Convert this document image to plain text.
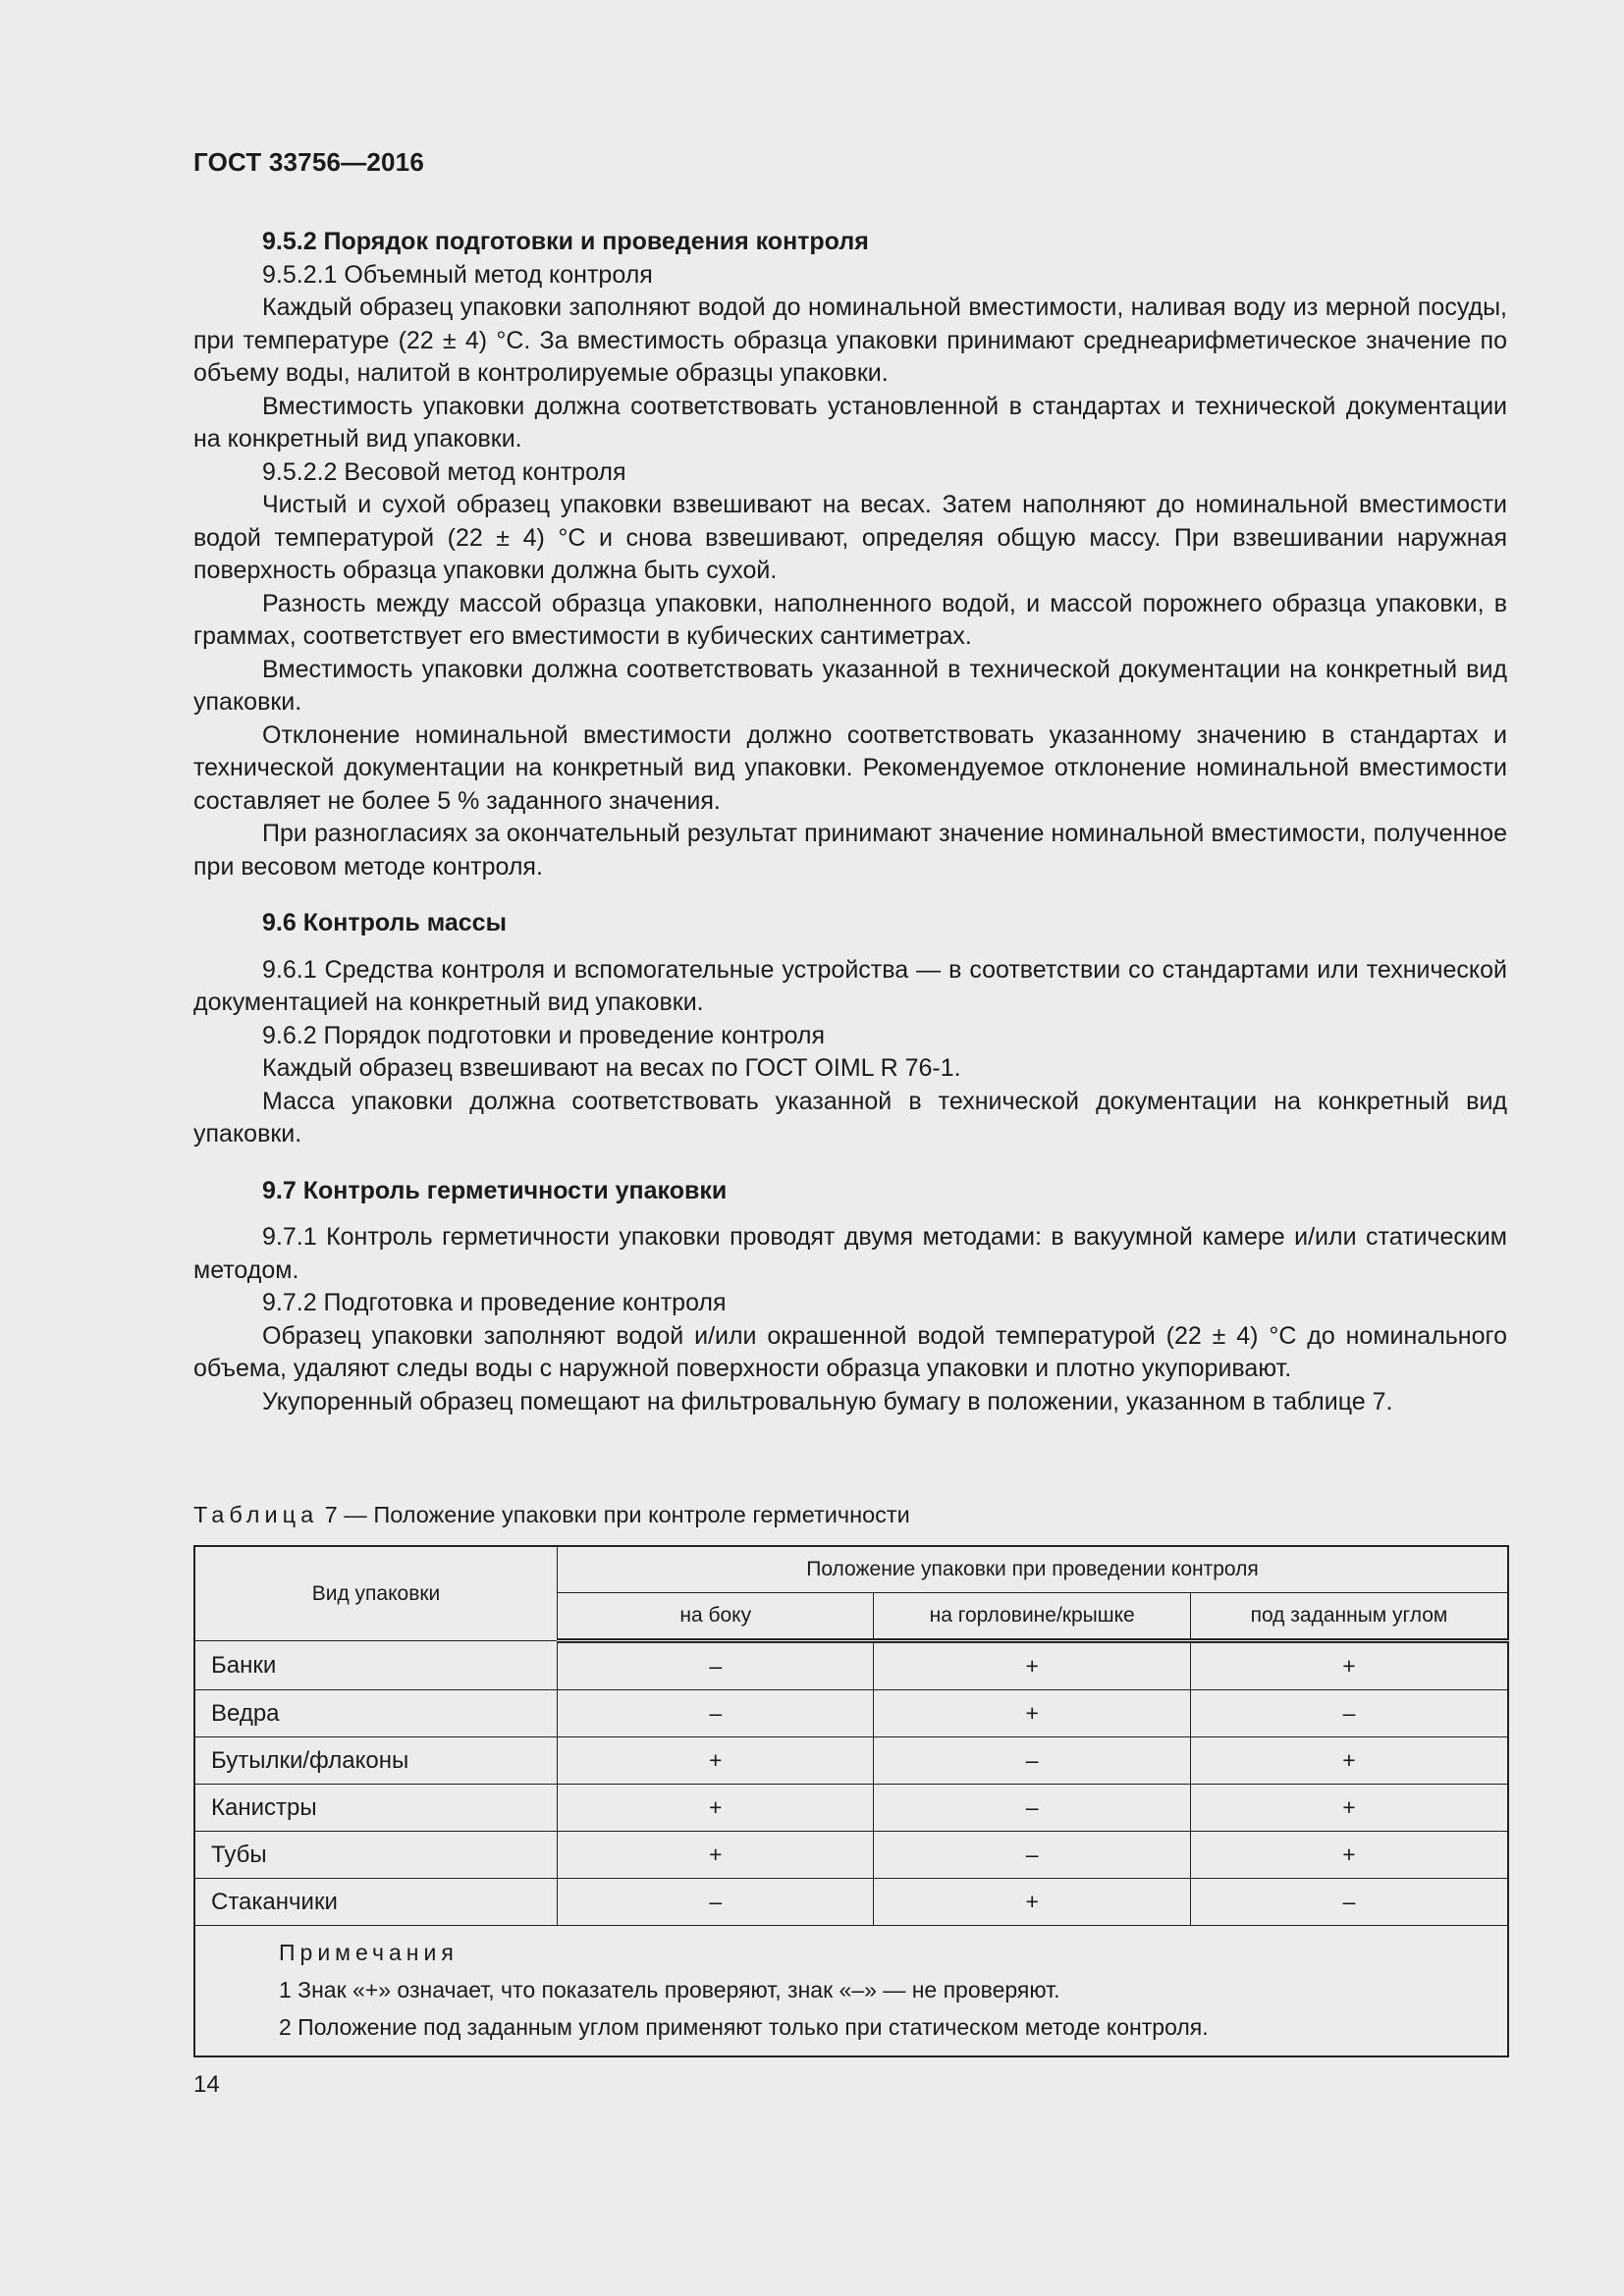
ГОСТ 33756—2016

9.5.2 Порядок подготовки и проведения контроля

9.5.2.1 Объемный метод контроля

Каждый образец упаковки заполняют водой до номинальной вместимости, наливая воду из мерной посуды, при температуре (22 ± 4) °С. За вместимость образца упаковки принимают среднеарифметическое значение по объему воды, налитой в контролируемые образцы упаковки.

Вместимость упаковки должна соответствовать установленной в стандартах и технической документации на конкретный вид упаковки.

9.5.2.2 Весовой метод контроля

Чистый и сухой образец упаковки взвешивают на весах. Затем наполняют до номинальной вместимости водой температурой (22 ± 4) °С и снова взвешивают, определяя общую массу. При взвешивании наружная поверхность образца упаковки должна быть сухой.

Разность между массой образца упаковки, наполненного водой, и массой порожнего образца упаковки, в граммах, соответствует его вместимости в кубических сантиметрах.

Вместимость упаковки должна соответствовать указанной в технической документации на конкретный вид упаковки.

Отклонение номинальной вместимости должно соответствовать указанному значению в стандартах и технической документации на конкретный вид упаковки. Рекомендуемое отклонение номинальной вместимости составляет не более 5 % заданного значения.

При разногласиях за окончательный результат принимают значение номинальной вместимости, полученное при весовом методе контроля.

9.6 Контроль массы

9.6.1 Средства контроля и вспомогательные устройства — в соответствии со стандартами или технической документацией на конкретный вид упаковки.

9.6.2 Порядок подготовки и проведение контроля

Каждый образец взвешивают на весах по ГОСТ OIML R 76-1.

Масса упаковки должна соответствовать указанной в технической документации на конкретный вид упаковки.

9.7 Контроль герметичности упаковки

9.7.1 Контроль герметичности упаковки проводят двумя методами: в вакуумной камере и/или статическим методом.

9.7.2 Подготовка и проведение контроля

Образец упаковки заполняют водой и/или окрашенной водой температурой (22 ± 4) °С до номинального объема, удаляют следы воды с наружной поверхности образца упаковки и плотно укупоривают.

Укупоренный образец помещают на фильтровальную бумагу в положении, указанном в таблице 7.

Таблица 7 — Положение упаковки при контроле герметичности
Вид упаковки	Положение упаковки при проведении контроля		
	на боку	на горловине/крышке	под заданным углом
Банки	–	+	+
Ведра	–	+	–
Бутылки/флаконы	+	–	+
Канистры	+	–	+
Тубы	+	–	+
Стаканчики	–	+	–

Примечания
1 Знак «+» означает, что показатель проверяют, знак «–» — не проверяют.
2 Положение под заданным углом применяют только при статическом методе контроля.			
14
